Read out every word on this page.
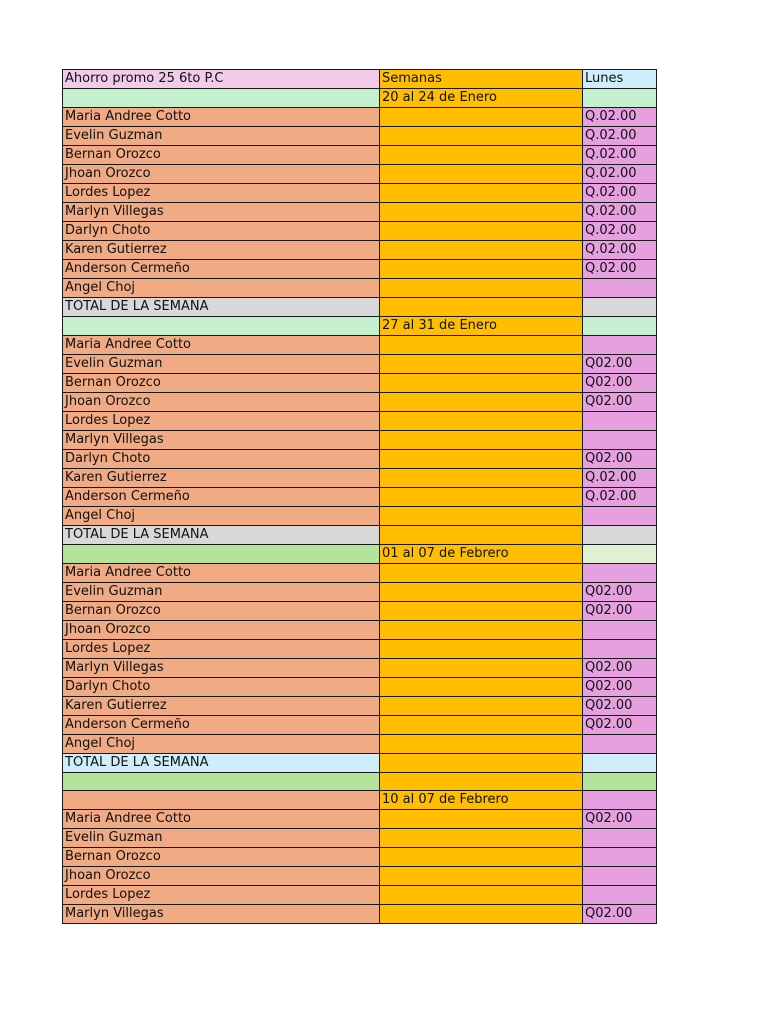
Ahorro promo 25 6to P.C	Semanas	Lunes
	20 al 24 de Enero	
Maria Andree Cotto		Q.02.00
Evelin Guzman		Q.02.00
Bernan Orozco		Q.02.00
Jhoan Orozco		Q.02.00
Lordes Lopez		Q.02.00
Marlyn Villegas		Q.02.00
Darlyn Choto		Q.02.00
Karen Gutierrez		Q.02.00
Anderson Cermeño		Q.02.00
Angel Choj		
TOTAL DE LA SEMANA		
	27 al 31 de Enero	
Maria Andree Cotto		
Evelin Guzman		Q02.00
Bernan Orozco		Q02.00
Jhoan Orozco		Q02.00
Lordes Lopez		
Marlyn Villegas		
Darlyn Choto		Q02.00
Karen Gutierrez		Q.02.00
Anderson Cermeño		Q.02.00
Angel Choj		
TOTAL DE LA SEMANA		
	01 al 07 de Febrero	
Maria Andree Cotto		
Evelin Guzman		Q02.00
Bernan Orozco		Q02.00
Jhoan Orozco		
Lordes Lopez		
Marlyn Villegas		Q02.00
Darlyn Choto		Q02.00
Karen Gutierrez		Q02.00
Anderson Cermeño		Q02.00
Angel Choj		
TOTAL DE LA SEMANA		

	10 al 07 de Febrero	
Maria Andree Cotto		Q02.00
Evelin Guzman		
Bernan Orozco		
Jhoan Orozco		
Lordes Lopez		
Marlyn Villegas		Q02.00
